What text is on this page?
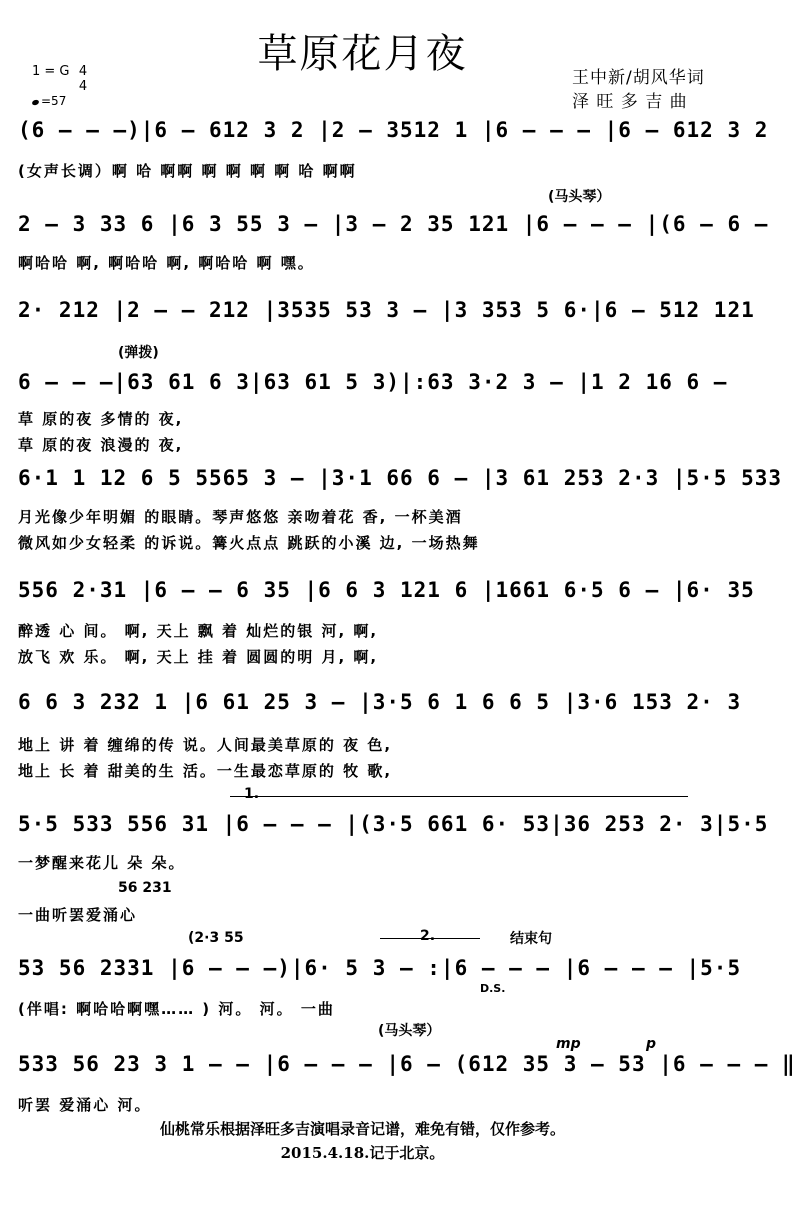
草原花月夜
1 = G 4
4
=57
王中新/胡风华词
泽 旺 多 吉 曲
(6 – – –)|6 – 612 3 2 |2 – 3512 1 |6 – – – |6 – 612 3 2
(女声长调）啊 哈 啊啊 啊 啊 啊 啊 哈 啊啊
(马头琴）
2 – 3 33 6 |6 3 55 3 – |3 – 2 35 121 |6 – – – |(6 – 6 –
啊哈哈 啊, 啊哈哈 啊, 啊哈哈 啊 嘿。
2· 212 |2 – – 212 |3535 53 3 – |3 353 5 6·|6 – 512 121
(弹拨)
6 – – –|63 61 6 3|63 61 5 3)|:63 3·2 3 – |1 2 16 6 –
草 原的夜 多情的 夜,
草 原的夜 浪漫的 夜,
6·1 1 12 6 5 5565 3 – |3·1 66 6 – |3 61 253 2·3 |5·5 533
月光像少年明媚 的眼睛。琴声悠悠 亲吻着花 香, 一杯美酒
微风如少女轻柔 的诉说。篝火点点 跳跃的小溪 边, 一场热舞
556 2·31 |6 – – 6 35 |6 6 3 121 6 |1661 6·5 6 – |6· 35
醉透 心 间。 啊, 天上 飘 着 灿烂的银 河, 啊,
放飞 欢 乐。 啊, 天上 挂 着 圆圆的明 月, 啊,
6 6 3 232 1 |6 61 25 3 – |3·5 6 1 6 6 5 |3·6 153 2· 3
地上 讲 着 缠绵的传 说。人间最美草原的 夜 色,
地上 长 着 甜美的生 活。一生最恋草原的 牧 歌,
1.
5·5 533 556 31 |6 – – – |(3·5 661 6· 53|36 253 2· 3|5·5
一梦醒来花儿 朵 朵。
56 231
一曲听罢爱涌心
(2·3 55	2.	结束句
53 56 2331 |6 – – –)|6· 5 3 – :|6 – – – |6 – – – |5·5
D.S.
(伴唱: 啊哈哈啊嘿…… ) 河。 河。 一曲
(马头琴）
mp	p
533 56 23 3 1 – – |6 – – – |6 – (612 35 3 – 53 |6 – – – ‖
听罢 爱涌心 河。
仙桃常乐根据泽旺多吉演唱录音记谱，难免有错，仅作参考。
2015.4.18.记于北京。
